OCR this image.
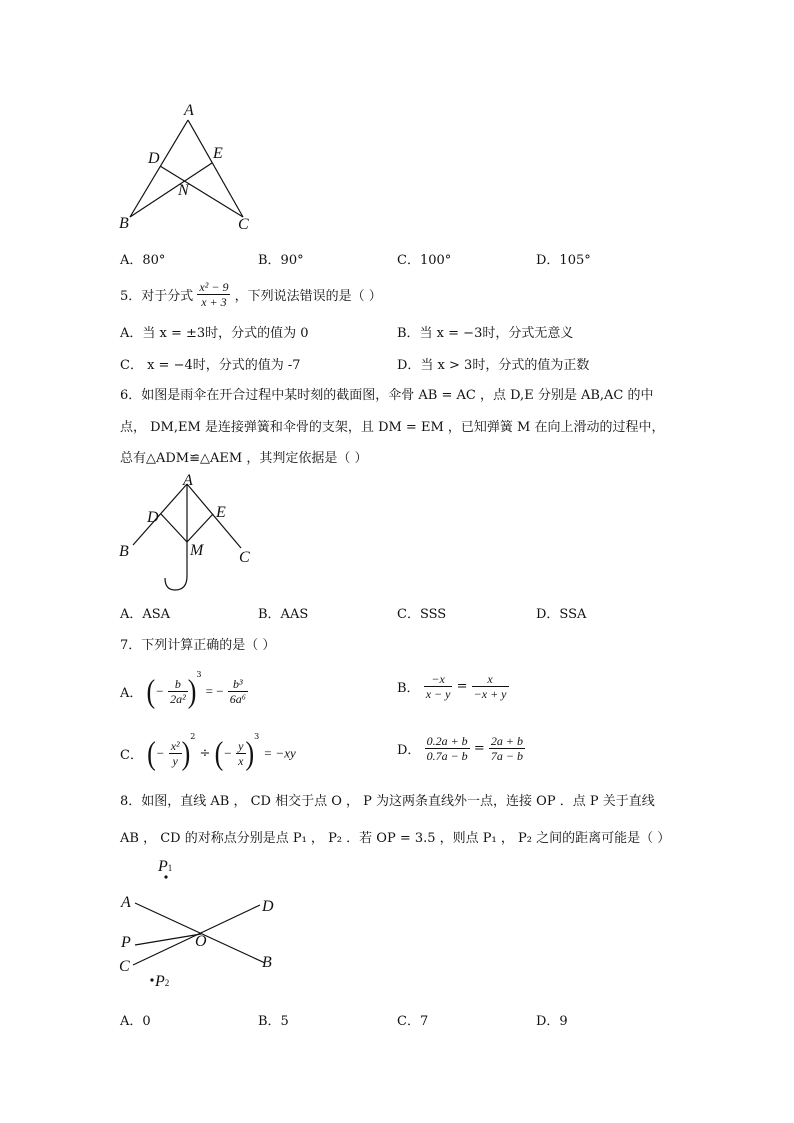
A
D	E
N
B	C
A．80°	B．90°	C．100°	D．105°
5．对于分式 $\frac{\text{x² − 9}}{x + 3}$ ，下列说法错误的是（ ）
A．当 x = ±3时，分式的值为 0	B．当 x = −3时，分式无意义
C． x = −4时，分式的值为 -7	D．当 x > 3时，分式的值为正数
6．如图是雨伞在开合过程中某时刻的截面图，伞骨 AB = AC ，点 D,E 分别是 AB,AC 的中
点， DM,EM 是连接弹簧和伞骨的支架，且 DM = EM ，已知弹簧 M 在向上滑动的过程中，
总有△ADM≌△AEM ，其判定依据是（ ）
A
D	E
B	M C
A．ASA	B．AAS	C．SSS	D．SSA
7．下列计算正确的是（ ）
A． (− $\frac{b}{\text{2a²}} )^3$ = − $\frac{\text{b³}}{\text{6a⁶}}$	B． $\frac{-x}{x - y} = \frac{x}{-x + y}$
C． (− $\frac{\text{x²}}{y} )^2$ ÷ (− $\frac{y}{x} )^3 = -xy$	D． $\frac{0.2a + b}{0.7a - b} = \frac{2a + b}{7a - b}$
8．如图，直线 AB ， CD 相交于点 O ， P 为这两条直线外一点，连接 OP ．点 P 关于直线
AB ， CD 的对称点分别是点 P₁ ， P₂ ．若 OP = 3.5 ，则点 P₁ ， P₂ 之间的距离可能是（ ）
P1
A	D
P	O
C	B
P2
A．0	B．5	C．7	D．9
